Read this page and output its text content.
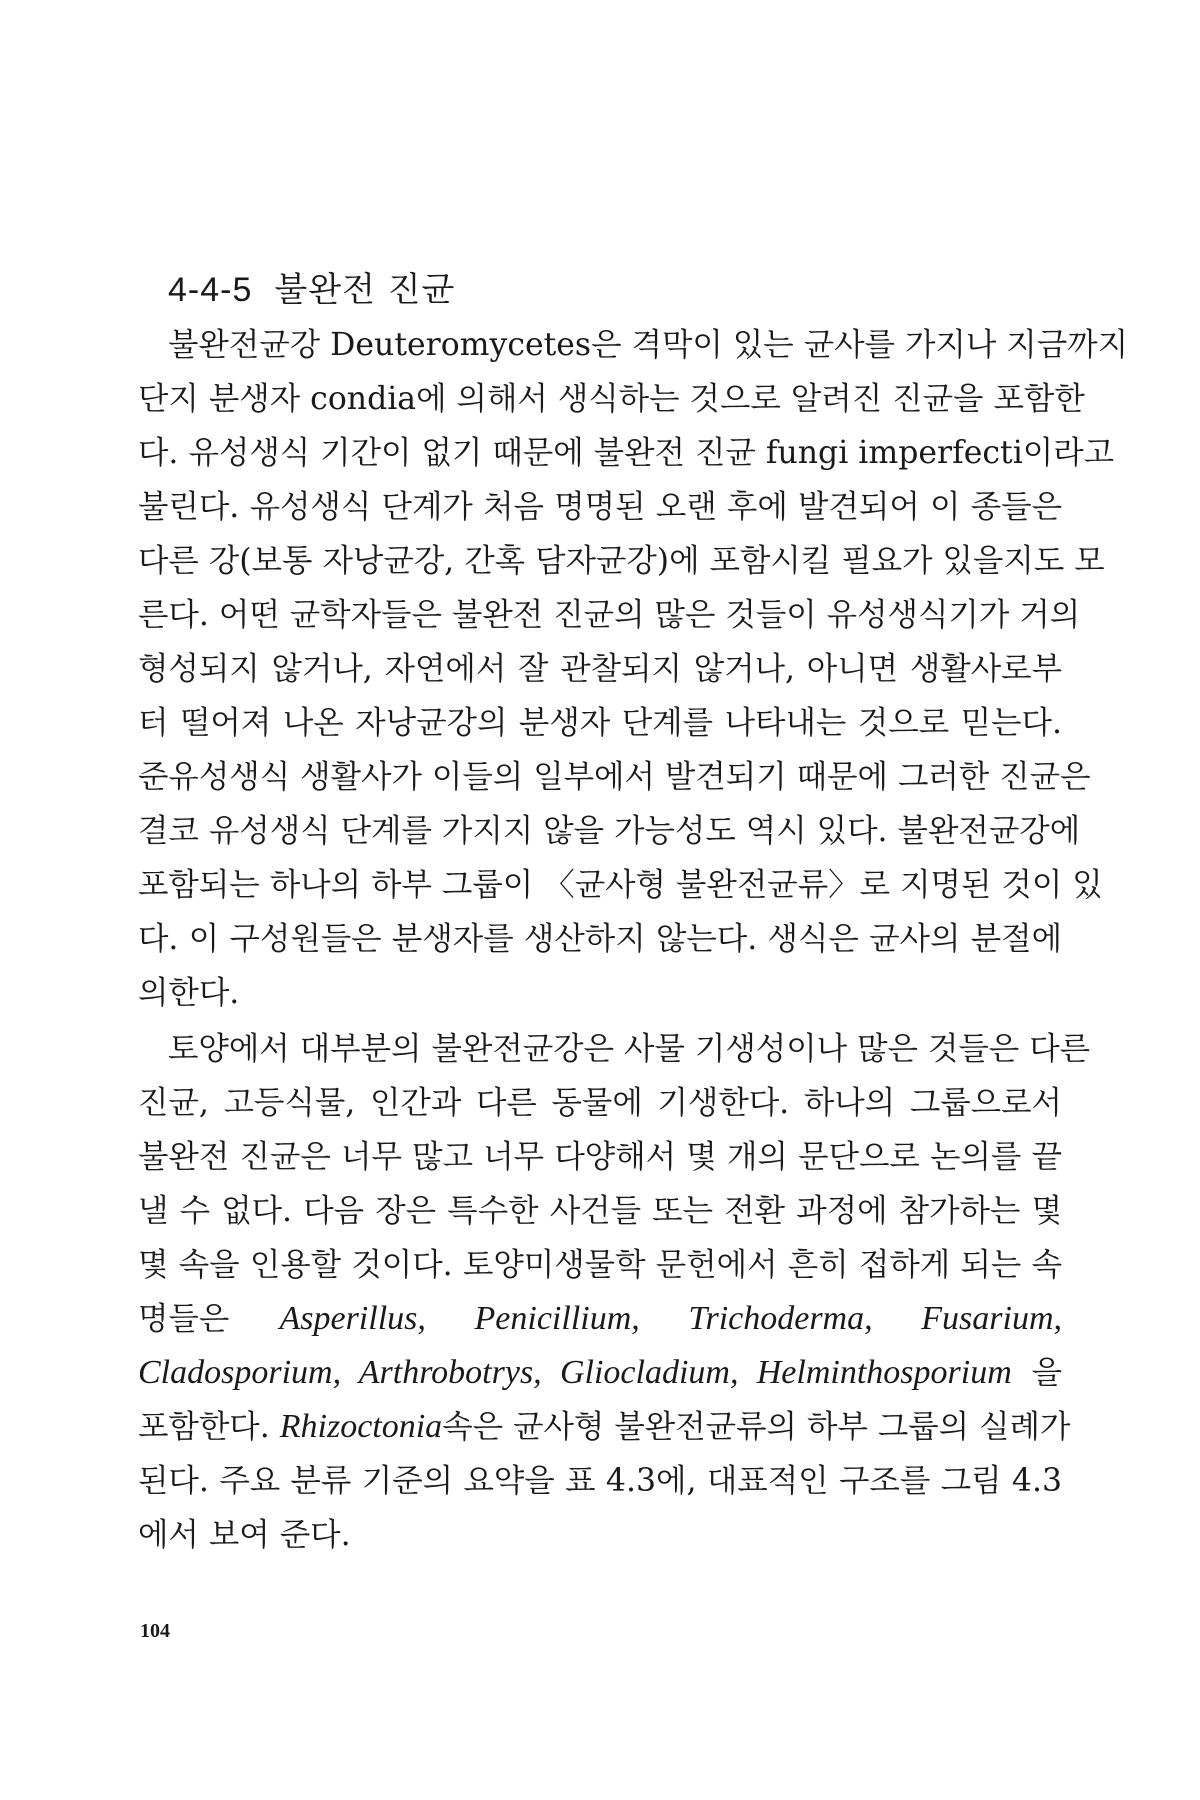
4-4-5 불완전 진균
불완전균강 Deuteromycetes은 격막이 있는 균사를 가지나 지금까지
단지 분생자 condia에 의해서 생식하는 것으로 알려진 진균을 포함한
다. 유성생식 기간이 없기 때문에 불완전 진균 fungi imperfecti이라고
불린다. 유성생식 단계가 처음 명명된 오랜 후에 발견되어 이 종들은
다른 강(보통 자낭균강, 간혹 담자균강)에 포함시킬 필요가 있을지도 모
른다. 어떤 균학자들은 불완전 진균의 많은 것들이 유성생식기가 거의
형성되지 않거나, 자연에서 잘 관찰되지 않거나, 아니면 생활사로부
터 떨어져 나온 자낭균강의 분생자 단계를 나타내는 것으로 믿는다.
준유성생식 생활사가 이들의 일부에서 발견되기 때문에 그러한 진균은
결코 유성생식 단계를 가지지 않을 가능성도 역시 있다. 불완전균강에
포함되는 하나의 하부 그룹이 〈균사형 불완전균류〉로 지명된 것이 있
다. 이 구성원들은 분생자를 생산하지 않는다. 생식은 균사의 분절에
의한다.
토양에서 대부분의 불완전균강은 사물 기생성이나 많은 것들은 다른
진균, 고등식물, 인간과 다른 동물에 기생한다. 하나의 그룹으로서
불완전 진균은 너무 많고 너무 다양해서 몇 개의 문단으로 논의를 끝
낼 수 없다. 다음 장은 특수한 사건들 또는 전환 과정에 참가하는 몇
몇 속을 인용할 것이다. 토양미생물학 문헌에서 흔히 접하게 되는 속
명들은 Asperillus, Penicillium, Trichoderma, Fusarium,
Cladosporium, Arthrobotrys, Gliocladium, Helminthosporium 을
포함한다. Rhizoctonia속은 균사형 불완전균류의 하부 그룹의 실례가
된다. 주요 분류 기준의 요약을 표 4.3에, 대표적인 구조를 그림 4.3
에서 보여 준다.
104
